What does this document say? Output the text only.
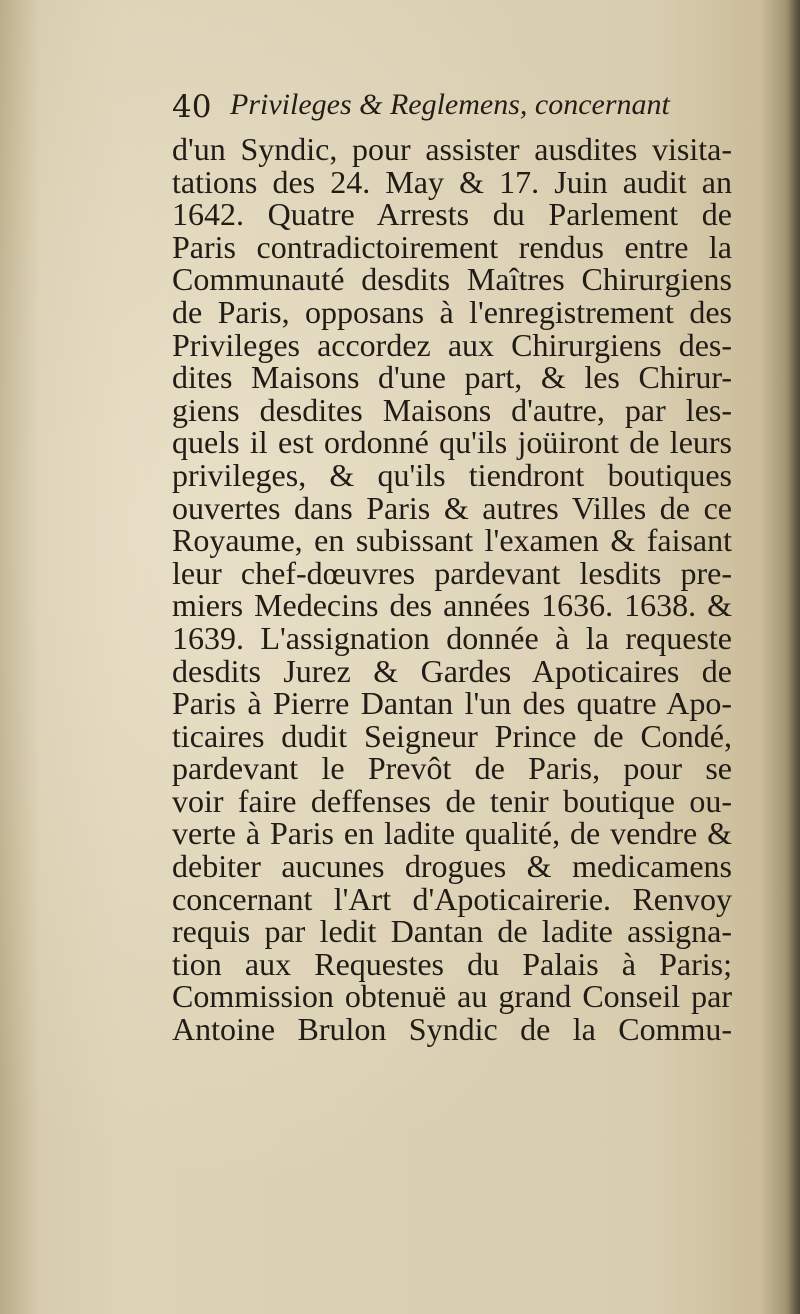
40 Privileges & Reglemens, concernant
d'un Syndic, pour assister ausdites visita-
tations des 24. May & 17. Juin audit an
1642. Quatre Arrests du Parlement de
Paris contradictoirement rendus entre la
Communauté desdits Maîtres Chirurgiens
de Paris, opposans à l'enregistrement des
Privileges accordez aux Chirurgiens des-
dites Maisons d'une part, & les Chirur-
giens desdites Maisons d'autre, par les-
quels il est ordonné qu'ils joüiront de leurs
privileges, & qu'ils tiendront boutiques
ouvertes dans Paris & autres Villes de ce
Royaume, en subissant l'examen & faisant
leur chef-dœuvres pardevant lesdits pre-
miers Medecins des années 1636. 1638. &
1639. L'assignation donnée à la requeste
desdits Jurez & Gardes Apoticaires de
Paris à Pierre Dantan l'un des quatre Apo-
ticaires dudit Seigneur Prince de Condé,
pardevant le Prevôt de Paris, pour se
voir faire deffenses de tenir boutique ou-
verte à Paris en ladite qualité, de vendre &
debiter aucunes drogues & medicamens
concernant l'Art d'Apoticairerie. Renvoy
requis par ledit Dantan de ladite assigna-
tion aux Requestes du Palais à Paris;
Commission obtenuë au grand Conseil par
Antoine Brulon Syndic de la Commu-
